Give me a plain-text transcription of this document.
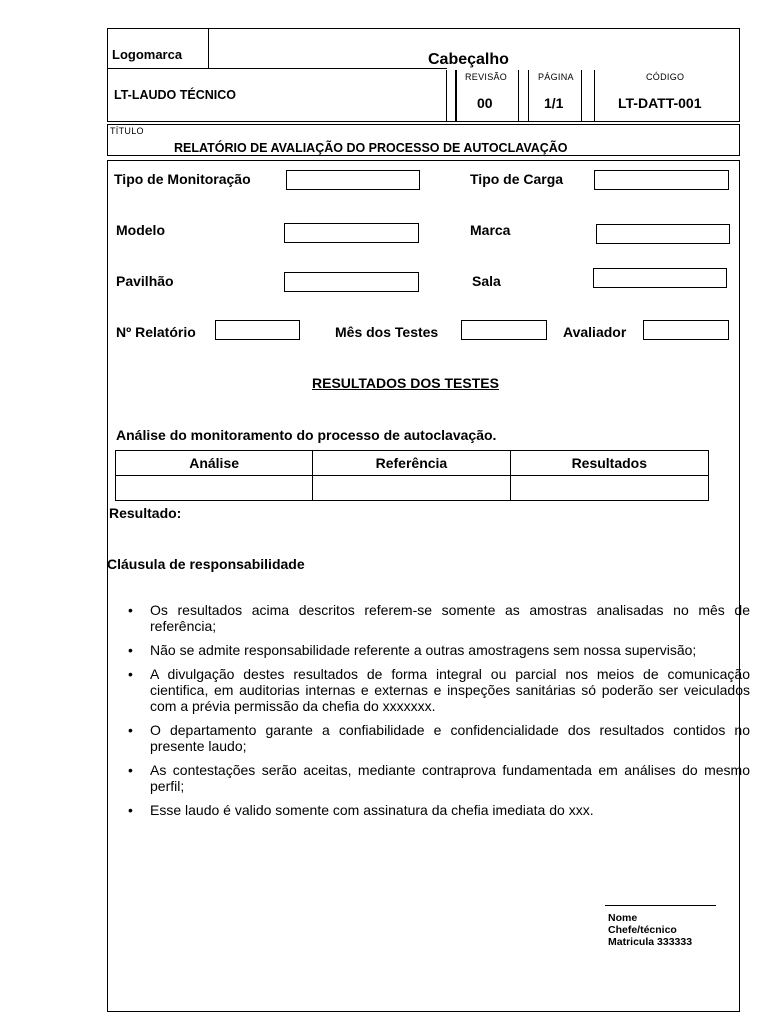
Logomarca	Cabeçalho
LT-LAUDO TÉCNICO
REVISÃO
00
PÁGINA
1/1
CÓDIGO
LT-DATT-001
TÍTULO
RELATÓRIO DE AVALIAÇÃO DO PROCESSO DE AUTOCLAVAÇÃO
Tipo de Monitoração	Tipo de Carga
Modelo	Marca
Pavilhão	Sala
Nº Relatório	Mês dos Testes	Avaliador
RESULTADOS DOS TESTES
Análise do monitoramento do processo de autoclavação.
Análise	Referência	Resultados

Resultado:
Cláusula de responsabilidade
• Os resultados acima descritos referem-se somente as amostras analisadas no mês de referência;
• Não se admite responsabilidade referente a outras amostragens sem nossa supervisão;
• A divulgação destes resultados de forma integral ou parcial nos meios de comunicação cientifica, em auditorias internas e externas e inspeções sanitárias só poderão ser veiculados com a prévia permissão da chefia do xxxxxxx.
• O departamento garante a confiabilidade e confidencialidade dos resultados contidos no presente laudo;
• As contestações serão aceitas, mediante contraprova fundamentada em análises do mesmo perfil;
• Esse laudo é valido somente com assinatura da chefia imediata do xxx.
Nome
Chefe/técnico
Matricula 333333
